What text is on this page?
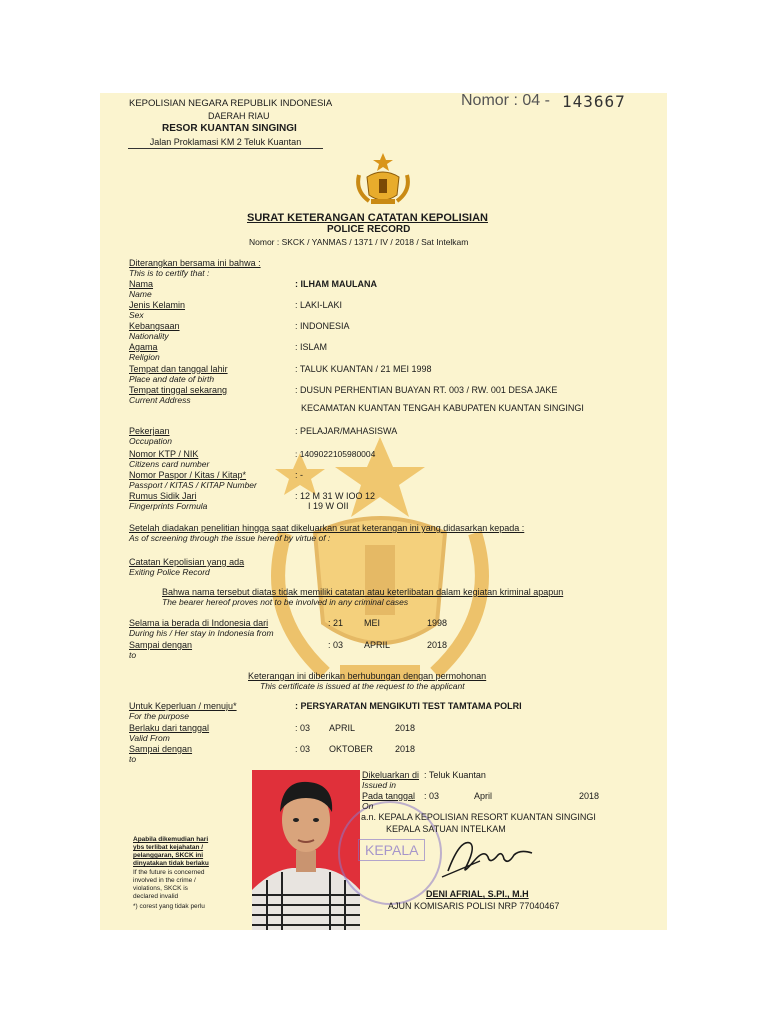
KEPOLISIAN NEGARA REPUBLIK INDONESIA
DAERAH RIAU
RESOR KUANTAN SINGINGI
Jalan Proklamasi KM 2 Teluk Kuantan
Nomor : 04 - 143667
SURAT KETERANGAN CATATAN KEPOLISIAN
POLICE RECORD
Nomor : SKCK / YANMAS / 1371 / IV / 2018 / Sat Intelkam
Diterangkan bersama ini bahwa :
This is to certify that :
Nama
Name
: ILHAM MAULANA
Jenis Kelamin
Sex
: LAKI-LAKI
Kebangsaan
Nationality
: INDONESIA
Agama
Religion
: ISLAM
Tempat dan tanggal lahir
Place and date of birth
: TALUK KUANTAN / 21 MEI 1998
Tempat tinggal sekarang
Current Address
: DUSUN PERHENTIAN BUAYAN RT. 003 / RW. 001 DESA JAKE
KECAMATAN KUANTAN TENGAH KABUPATEN KUANTAN SINGINGI
Pekerjaan
Occupation
: PELAJAR/MAHASISWA
Nomor KTP / NIK
Citizens card number
: 1409022105980004
Nomor Paspor / Kitas / Kitap*
Passport / KITAS / KITAP Number
: -
Rumus Sidik Jari
Fingerprints Formula
: 12 M 31 W IOO 12
I 19 W OII
Setelah diadakan penelitian hingga saat dikeluarkan surat keterangan ini yang didasarkan kepada :
As of screening through the issue hereof by virtue of :
Catatan Kepolisian yang ada
Exiting Police Record
Bahwa nama tersebut diatas tidak memiliki catatan atau keterlibatan dalam kegiatan kriminal apapun
The bearer hereof proves not to be involved in any criminal cases
Selama ia berada di Indonesia dari
During his / Her stay in Indonesia from
: 21 MEI	1998
Sampai dengan
to
: 03 APRIL	2018
Keterangan ini diberikan berhubungan dengan permohonan
This certificate is issued at the request to the applicant
Untuk Keperluan / menuju*
For the purpose
: PERSYARATAN MENGIKUTI TEST TAMTAMA POLRI
Berlaku dari tanggal
Valid From
: 03 APRIL	2018
Sampai dengan
to
: 03 OKTOBER 2018
KEPALA
Dikeluarkan di
Issued in
: Teluk Kuantan
Pada tanggal
On
: 03	April	2018
a.n. KEPALA KEPOLISIAN RESORT KUANTAN SINGINGI
KEPALA SATUAN INTELKAM
DENI AFRIAL, S.PI., M.H
AJUN KOMISARIS POLISI NRP 77040467
Apabila dikemudian hari
ybs terlibat kejahatan /
pelanggaran, SKCK ini
dinyatakan tidak berlaku
If the future is concerned
involved in the crime /
violations, SKCK is
declared invalid
*) corest yang tidak perlu
